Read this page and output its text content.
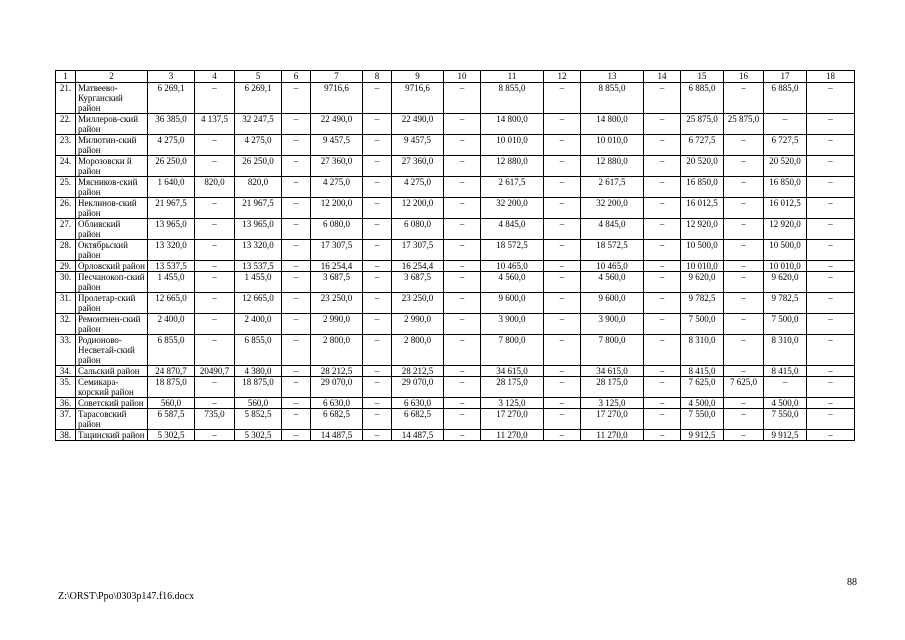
1	2	3	4	5	6	7	8	9	10	11	12	13	14	15	16	17	18
21.	Матвеево-Курганский район	6 269,1	–	6 269,1	–	9716,6	–	9716,6	–	8 855,0	–	8 855,0	–	6 885,0	–	6 885,0	–
22.	Миллеров-ский район	36 385,0	4 137,5	32 247,5	–	22 490,0	–	22 490,0	–	14 800,0	–	14 800,0	–	25 875,0	25 875,0	–	–
23.	Милютин-ский район	4 275,0	–	4 275,0	–	9 457,5	–	9 457,5	–	10 010,0	–	10 010,0	–	6 727,5	–	6 727,5	–
24.	Морозовски й район	26 250,0	–	26 250,0	–	27 360,0	–	27 360,0	–	12 880,0	–	12 880,0	–	20 520,0	–	20 520,0	–
25.	Мясников-ский район	1 640,0	820,0	820,0	–	4 275,0	–	4 275,0	–	2 617,5	–	2 617,5	–	16 850,0	–	16 850,0	–
26.	Неклинов-ский район	21 967,5	–	21 967,5	–	12 200,0	–	12 200,0	–	32 200,0	–	32 200,0	–	16 012,5	–	16 012,5	–
27.	Обливский район	13 965,0	–	13 965,0	–	6 080,0	–	6 080,0	–	4 845,0	–	4 845,0	–	12 920,0	–	12 920,0	–
28.	Октябрьский район	13 320,0	–	13 320,0	–	17 307,5	–	17 307,5	–	18 572,5	–	18 572,5	–	10 500,0	–	10 500,0	–
29.	Орловский район	13 537,5	–	13 537,5	–	16 254,4	–	16 254,4	–	10 465,0	–	10 465,0	–	10 010,0	–	10 010,0	–
30.	Песчанокоп-ский район	1 455,0	–	1 455,0	–	3 687,5	–	3 687,5	–	4 560,0	–	4 560,0	–	9 620,0	–	9 620,0	–
31.	Пролетар-ский район	12 665,0	–	12 665,0	–	23 250,0	–	23 250,0	–	9 600,0	–	9 600,0	–	9 782,5	–	9 782,5	–
32.	Ремонтнен-ский район	2 400,0	–	2 400,0	–	2 990,0	–	2 990,0	–	3 900,0	–	3 900,0	–	7 500,0	–	7 500,0	–
33.	Родионово-Несветай-ский район	6 855,0	–	6 855,0	–	2 800,0	–	2 800,0	–	7 800,0	–	7 800,0	–	8 310,0	–	8 310,0	–
34.	Сальский район	24 870,7	20490,7	4 380,0	–	28 212,5	–	28 212,5	–	34 615,0	–	34 615,0	–	8 415,0	–	8 415,0	–
35.	Семикара-корский район	18 875,0	–	18 875,0	–	29 070,0	–	29 070,0	–	28 175,0	–	28 175,0	–	7 625,0	7 625,0	–	–
36.	Советский район	560,0	–	560,0	–	6 630,0	–	6 630,0	–	3 125,0	–	3 125,0	–	4 500,0	–	4 500,0	–
37.	Тарасовский район	6 587,5	735,0	5 852,5	–	6 682,5	–	6 682,5	–	17 270,0	–	17 270,0	–	7 550,0	–	7 550,0	–
38.	Тацинский район	5 302,5	–	5 302,5	–	14 487,5	–	14 487,5	–	11 270,0	–	11 270,0	–	9 912,5	–	9 912,5	–
88
Z:\ORST\Ppo\0303p147.f16.docx
